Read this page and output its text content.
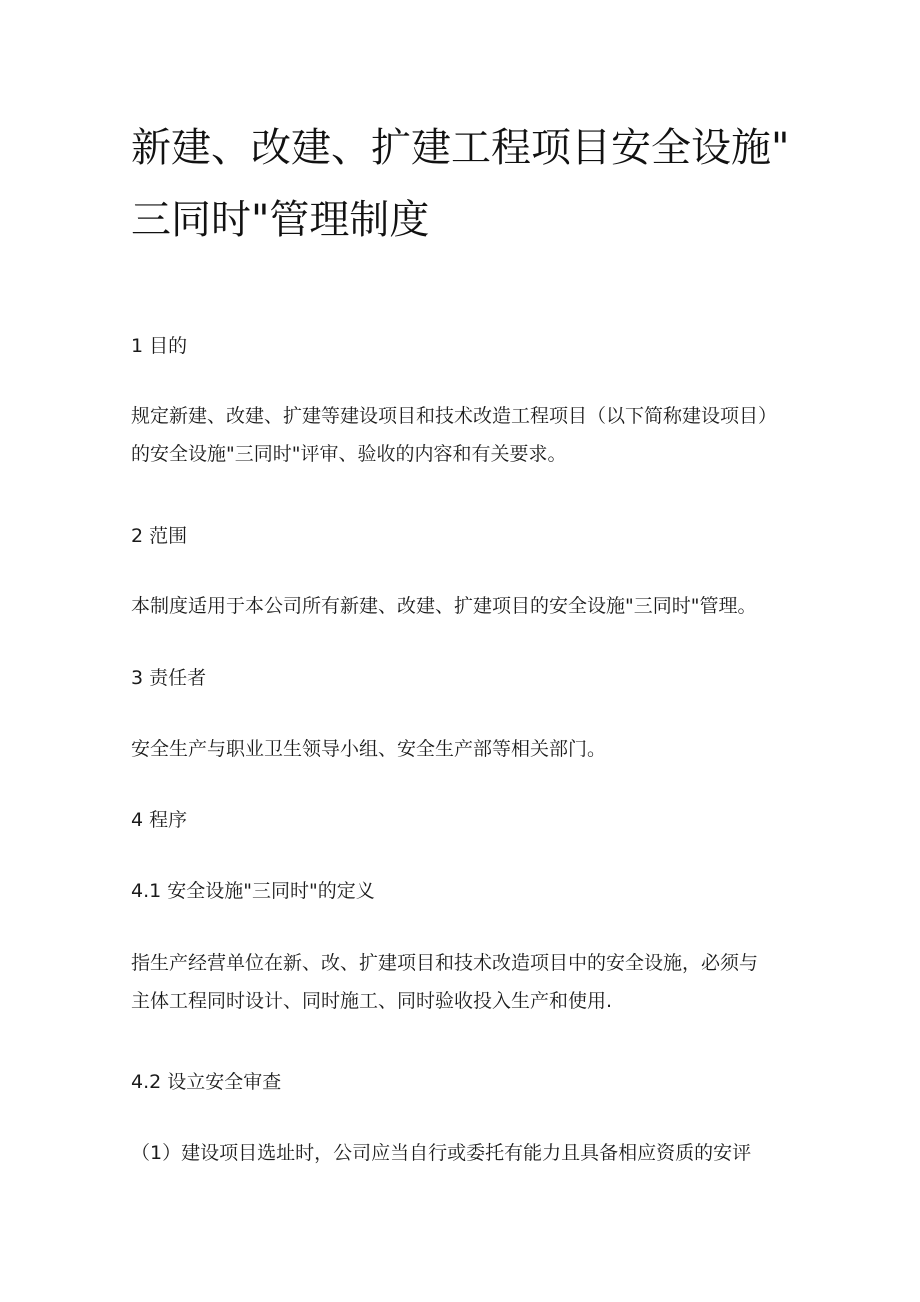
新建、改建、扩建工程项目安全设施"
三同时"管理制度
1 目的
规定新建、改建、扩建等建设项目和技术改造工程项目（以下简称建设项目）
的安全设施"三同时"评审、验收的内容和有关要求。
2 范围
本制度适用于本公司所有新建、改建、扩建项目的安全设施"三同时"管理。
3 责任者
安全生产与职业卫生领导小组、安全生产部等相关部门。
4 程序
4.1 安全设施"三同时"的定义
指生产经营单位在新、改、扩建项目和技术改造项目中的安全设施，必须与
主体工程同时设计、同时施工、同时验收投入生产和使用.
4.2 设立安全审查
（1）建设项目选址时，公司应当自行或委托有能力且具备相应资质的安评
